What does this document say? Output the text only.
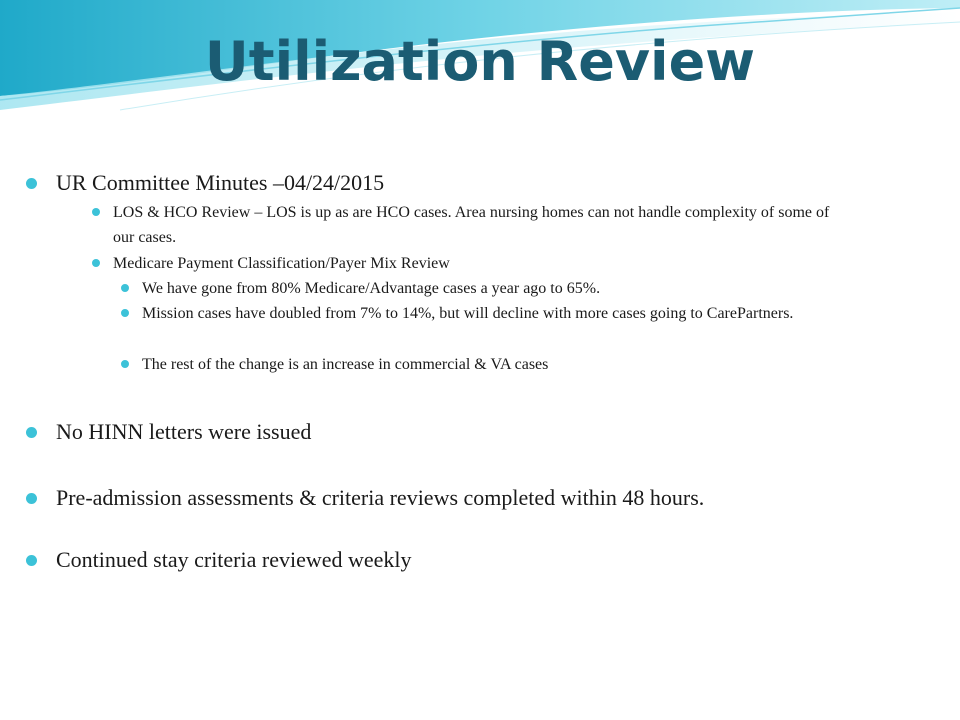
Utilization Review
UR Committee Minutes –04/24/2015
LOS & HCO Review – LOS is up as are HCO cases. Area nursing homes can not handle complexity of some of our cases.
Medicare Payment Classification/Payer Mix Review
We have gone from 80% Medicare/Advantage cases a year ago to 65%.
Mission cases have doubled from 7% to 14%, but will decline with more cases going to CarePartners.
The rest of the change is an increase in commercial & VA cases
No HINN letters were issued
Pre-admission assessments & criteria reviews completed within 48 hours.
Continued stay criteria reviewed weekly
